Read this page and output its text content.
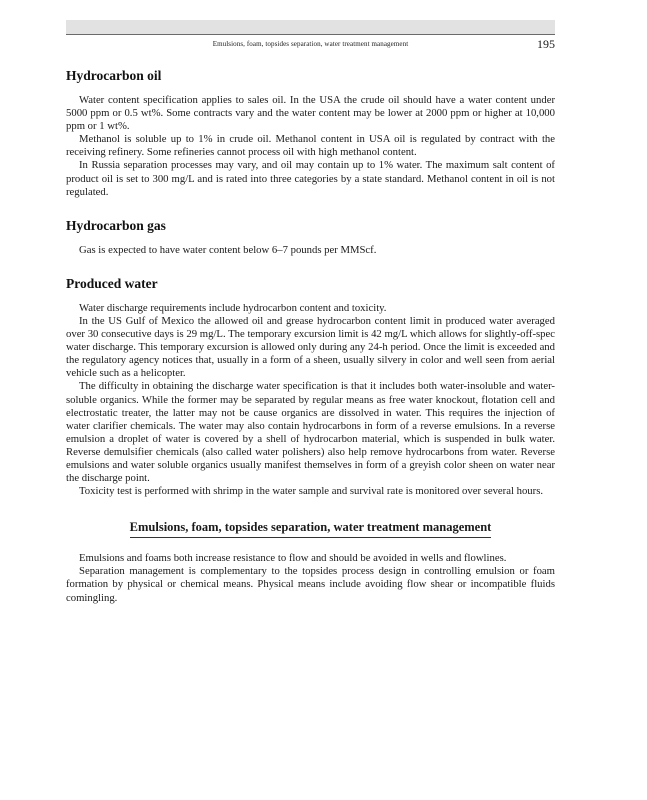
Emulsions, foam, topsides separation, water treatment management	195
Hydrocarbon oil

Water content specification applies to sales oil. In the USA the crude oil should have a water content under 5000 ppm or 0.5 wt%. Some contracts vary and the water content may be lower at 2000 ppm or higher at 10,000 ppm or 1 wt%.

Methanol is soluble up to 1% in crude oil. Methanol content in USA oil is regulated by contract with the receiving refinery. Some refineries cannot process oil with high methanol content.

In Russia separation processes may vary, and oil may contain up to 1% water. The maximum salt content of product oil is set to 300 mg/L and is rated into three categories by a state standard. Methanol content in oil is not regulated.

Hydrocarbon gas

Gas is expected to have water content below 6–7 pounds per MMScf.

Produced water

Water discharge requirements include hydrocarbon content and toxicity.

In the US Gulf of Mexico the allowed oil and grease hydrocarbon content limit in produced water averaged over 30 consecutive days is 29 mg/L. The temporary excursion limit is 42 mg/L which allows for slightly-off-spec water discharge. This temporary excursion is allowed only during any 24-h period. Once the limit is exceeded and the regulatory agency notices that, usually in a form of a sheen, usually silvery in color and well seen from aerial vehicle such as a helicopter.

The difficulty in obtaining the discharge water specification is that it includes both water-insoluble and water-soluble organics. While the former may be separated by regular means as free water knockout, flotation cell and electrostatic treater, the latter may not be cause organics are dissolved in water. This requires the injection of water clarifier chemicals. The water may also contain hydrocarbons in form of a reverse emulsions. In a reverse emulsion a droplet of water is covered by a shell of hydrocarbon material, which is suspended in bulk water. Reverse demulsifier chemicals (also called water polishers) also help remove hydrocarbons from water. Reverse emulsions and water soluble organics usually manifest themselves in form of a greyish color sheen on water near the discharge point.

Toxicity test is performed with shrimp in the water sample and survival rate is monitored over several hours.

Emulsions, foam, topsides separation, water treatment management

Emulsions and foams both increase resistance to flow and should be avoided in wells and flowlines.

Separation management is complementary to the topsides process design in controlling emulsion or foam formation by physical or chemical means. Physical means include avoiding flow shear or incompatible fluids comingling.
